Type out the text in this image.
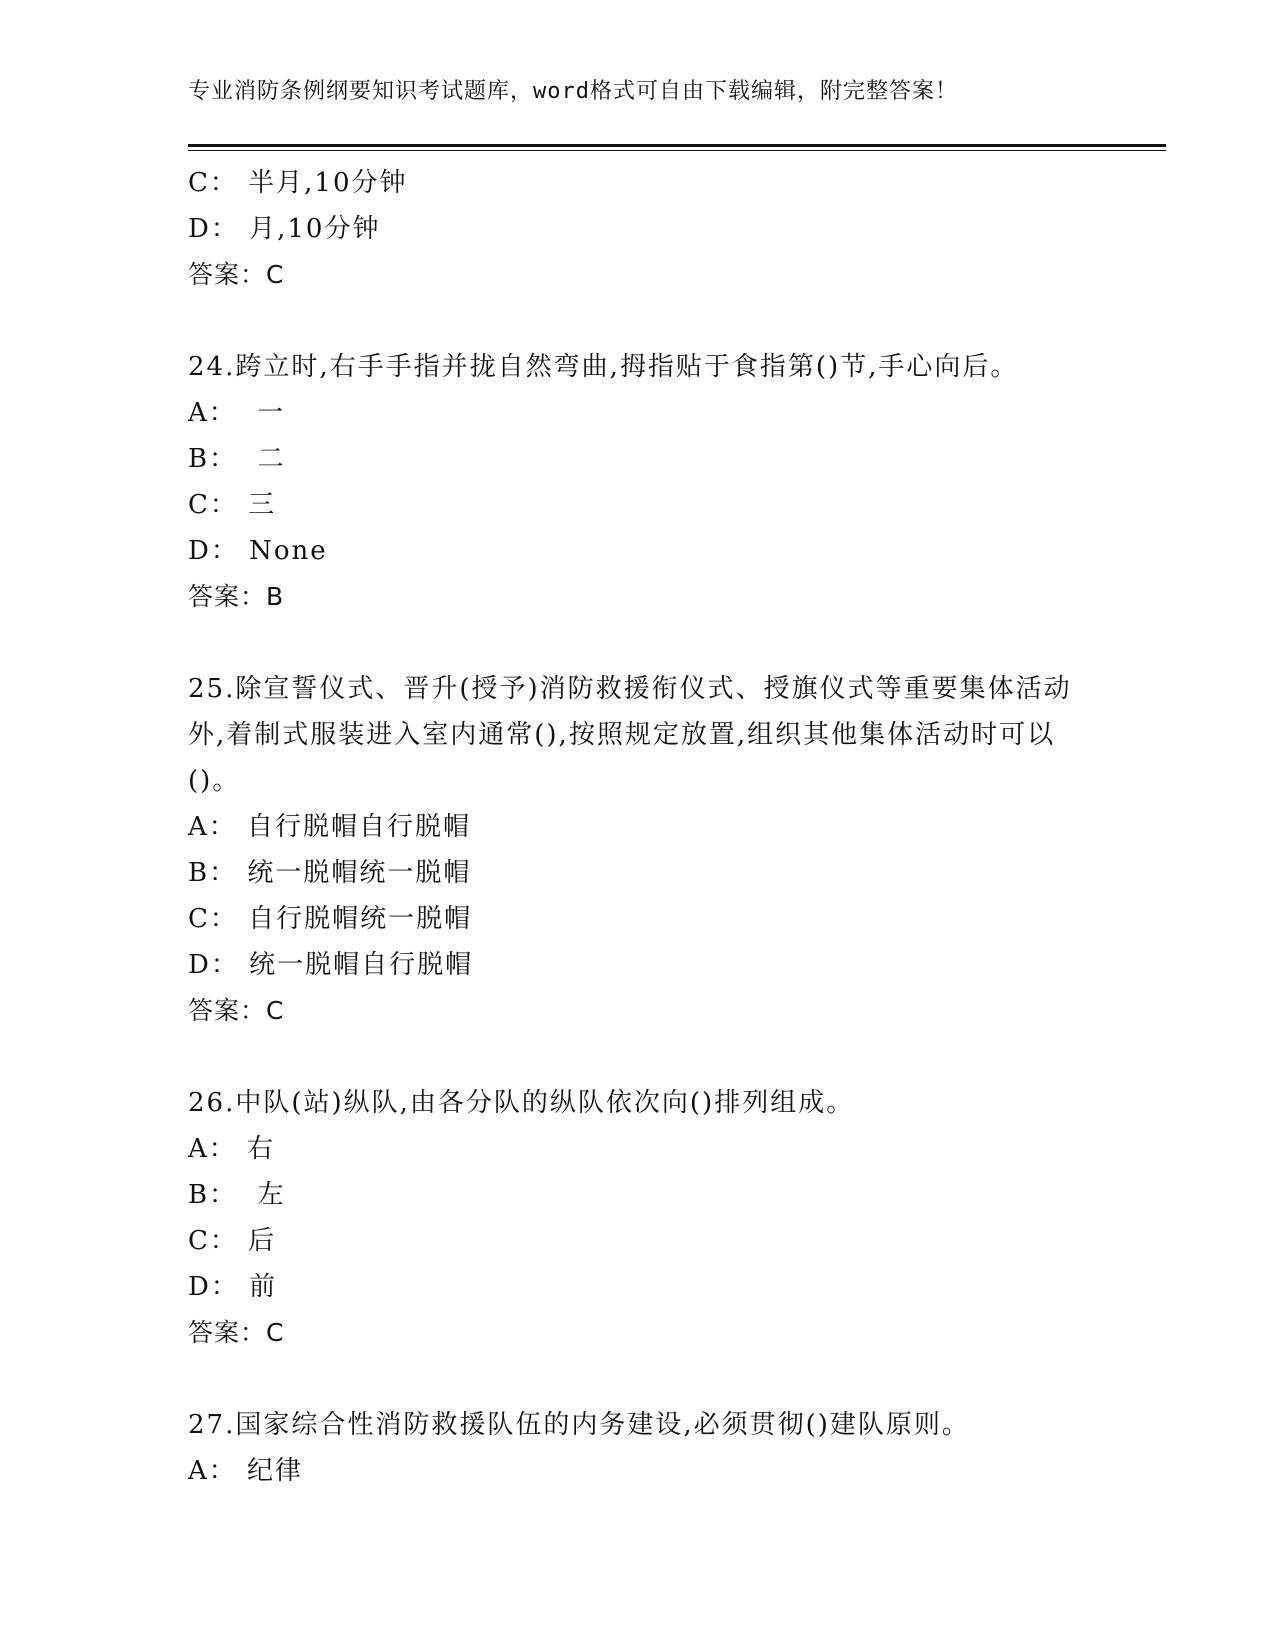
专业消防条例纲要知识考试题库，word格式可自由下载编辑，附完整答案！
C： 半月,10分钟
D： 月,10分钟
答案：C
24.跨立时,右手手指并拢自然弯曲,拇指贴于食指第()节,手心向后。
A：  一
B：  二
C： 三
D： None
答案：B
25.除宣誓仪式、晋升(授予)消防救援衔仪式、授旗仪式等重要集体活动外,着制式服装进入室内通常(),按照规定放置,组织其他集体活动时可以()。
A： 自行脱帽自行脱帽
B： 统一脱帽统一脱帽
C： 自行脱帽统一脱帽
D： 统一脱帽自行脱帽
答案：C
26.中队(站)纵队,由各分队的纵队依次向()排列组成。
A： 右
B：  左
C： 后
D： 前
答案：C
27.国家综合性消防救援队伍的内务建设,必须贯彻()建队原则。
A： 纪律
